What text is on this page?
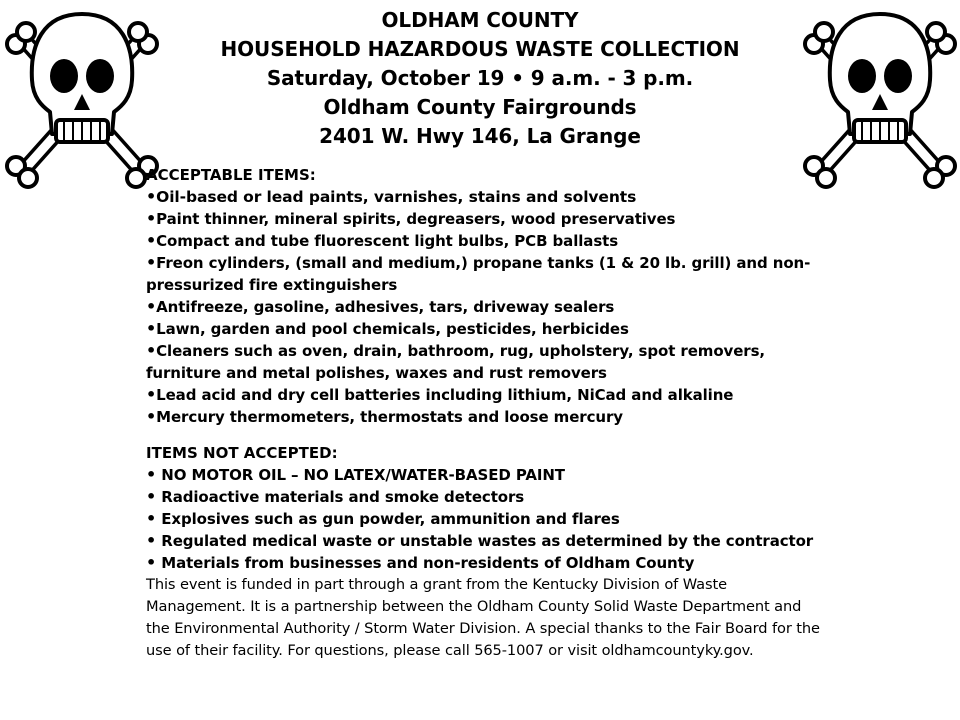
OLDHAM COUNTY
HOUSEHOLD HAZARDOUS WASTE COLLECTION
Saturday, October 19 • 9 a.m. - 3 p.m.
Oldham County Fairgrounds
2401 W. Hwy 146, La Grange
ACCEPTABLE ITEMS:
•Oil-based or lead paints, varnishes, stains and solvents
•Paint thinner, mineral spirits, degreasers, wood preservatives
•Compact and tube fluorescent light bulbs, PCB ballasts
•Freon cylinders, (small and medium,) propane tanks (1 & 20 lb. grill) and non-pressurized fire extinguishers
•Antifreeze, gasoline, adhesives, tars, driveway sealers
•Lawn, garden and pool chemicals, pesticides, herbicides
•Cleaners such as oven, drain, bathroom, rug, upholstery, spot removers, furniture and metal polishes, waxes and rust removers
•Lead acid and dry cell batteries including lithium, NiCad and alkaline
•Mercury thermometers, thermostats and loose mercury
ITEMS NOT ACCEPTED:
• NO MOTOR OIL – NO LATEX/WATER-BASED PAINT
• Radioactive materials and smoke detectors
• Explosives such as gun powder, ammunition and flares
• Regulated medical waste or unstable wastes as determined by the contractor
• Materials from businesses and non-residents of Oldham County
This event is funded in part through a grant from the Kentucky Division of Waste Management. It is a partnership between the Oldham County Solid Waste Department and the Environmental Authority / Storm Water Division. A special thanks to the Fair Board for the use of their facility. For questions, please call 565-1007 or visit oldhamcountyky.gov.
